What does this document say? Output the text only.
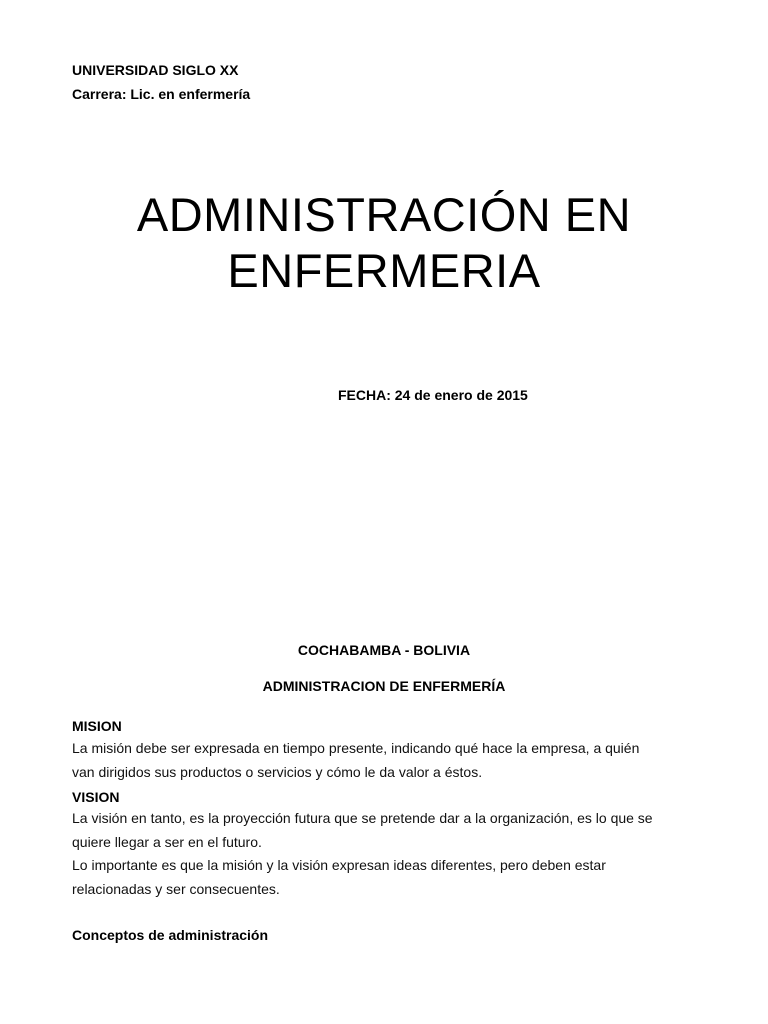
UNIVERSIDAD SIGLO XX

Carrera: Lic. en enfermería

ADMINISTRACIÓN EN
ENFERMERIA

FECHA: 24 de enero de 2015

COCHABAMBA - BOLIVIA

ADMINISTRACION DE ENFERMERÍA

MISION

La misión debe ser expresada en tiempo presente, indicando qué hace la empresa, a quién
van dirigidos sus productos o servicios y cómo le da valor a éstos.

VISION

La visión en tanto, es la proyección futura que se pretende dar a la organización, es lo que se
quiere llegar a ser en el futuro.
Lo importante es que la misión y la visión expresan ideas diferentes, pero deben estar
relacionadas y ser consecuentes.

Conceptos de administración
